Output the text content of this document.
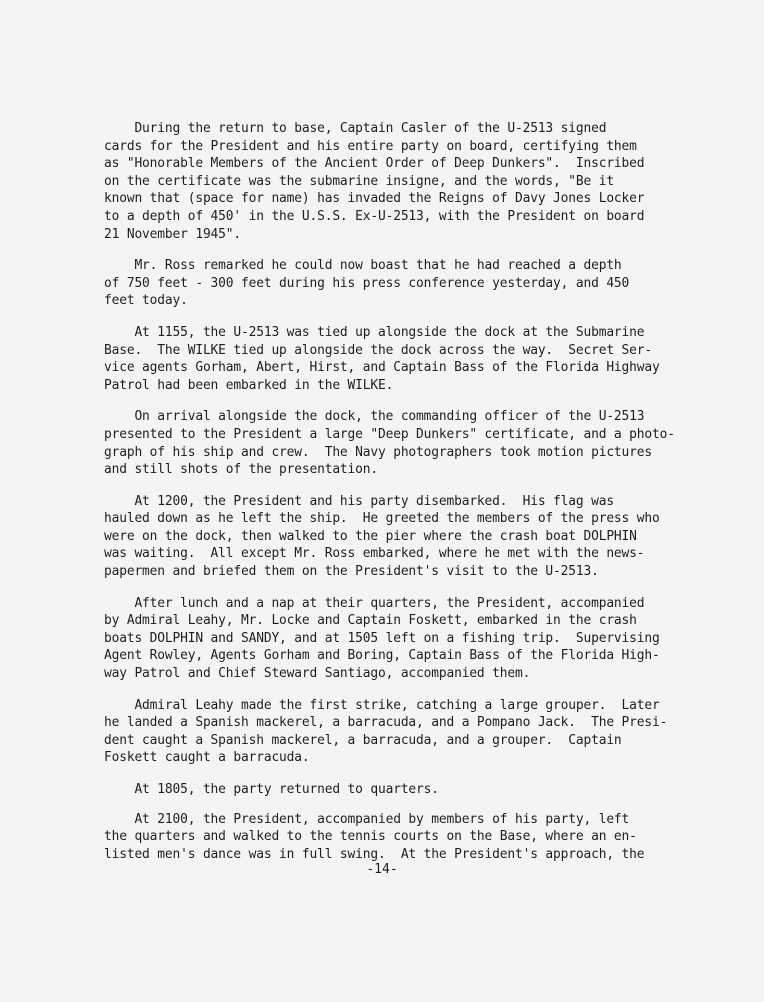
During the return to base, Captain Casler of the U-2513 signed
cards for the President and his entire party on board, certifying them
as "Honorable Members of the Ancient Order of Deep Dunkers".  Inscribed
on the certificate was the submarine insigne, and the words, "Be it
known that (space for name) has invaded the Reigns of Davy Jones Locker
to a depth of 450' in the U.S.S. Ex-U-2513, with the President on board
21 November 1945".

Mr. Ross remarked he could now boast that he had reached a depth
of 750 feet - 300 feet during his press conference yesterday, and 450
feet today.

At 1155, the U-2513 was tied up alongside the dock at the Submarine
Base.  The WILKE tied up alongside the dock across the way.  Secret Ser-
vice agents Gorham, Abert, Hirst, and Captain Bass of the Florida Highway
Patrol had been embarked in the WILKE.

On arrival alongside the dock, the commanding officer of the U-2513
presented to the President a large "Deep Dunkers" certificate, and a photo-
graph of his ship and crew.  The Navy photographers took motion pictures
and still shots of the presentation.

At 1200, the President and his party disembarked.  His flag was
hauled down as he left the ship.  He greeted the members of the press who
were on the dock, then walked to the pier where the crash boat DOLPHIN
was waiting.  All except Mr. Ross embarked, where he met with the news-
papermen and briefed them on the President's visit to the U-2513.

After lunch and a nap at their quarters, the President, accompanied
by Admiral Leahy, Mr. Locke and Captain Foskett, embarked in the crash
boats DOLPHIN and SANDY, and at 1505 left on a fishing trip.  Supervising
Agent Rowley, Agents Gorham and Boring, Captain Bass of the Florida High-
way Patrol and Chief Steward Santiago, accompanied them.

Admiral Leahy made the first strike, catching a large grouper.  Later
he landed a Spanish mackerel, a barracuda, and a Pompano Jack.  The Presi-
dent caught a Spanish mackerel, a barracuda, and a grouper.  Captain
Foskett caught a barracuda.

At 1805, the party returned to quarters.

At 2100, the President, accompanied by members of his party, left
the quarters and walked to the tennis courts on the Base, where an en-
listed men's dance was in full swing.  At the President's approach, the

-14-
